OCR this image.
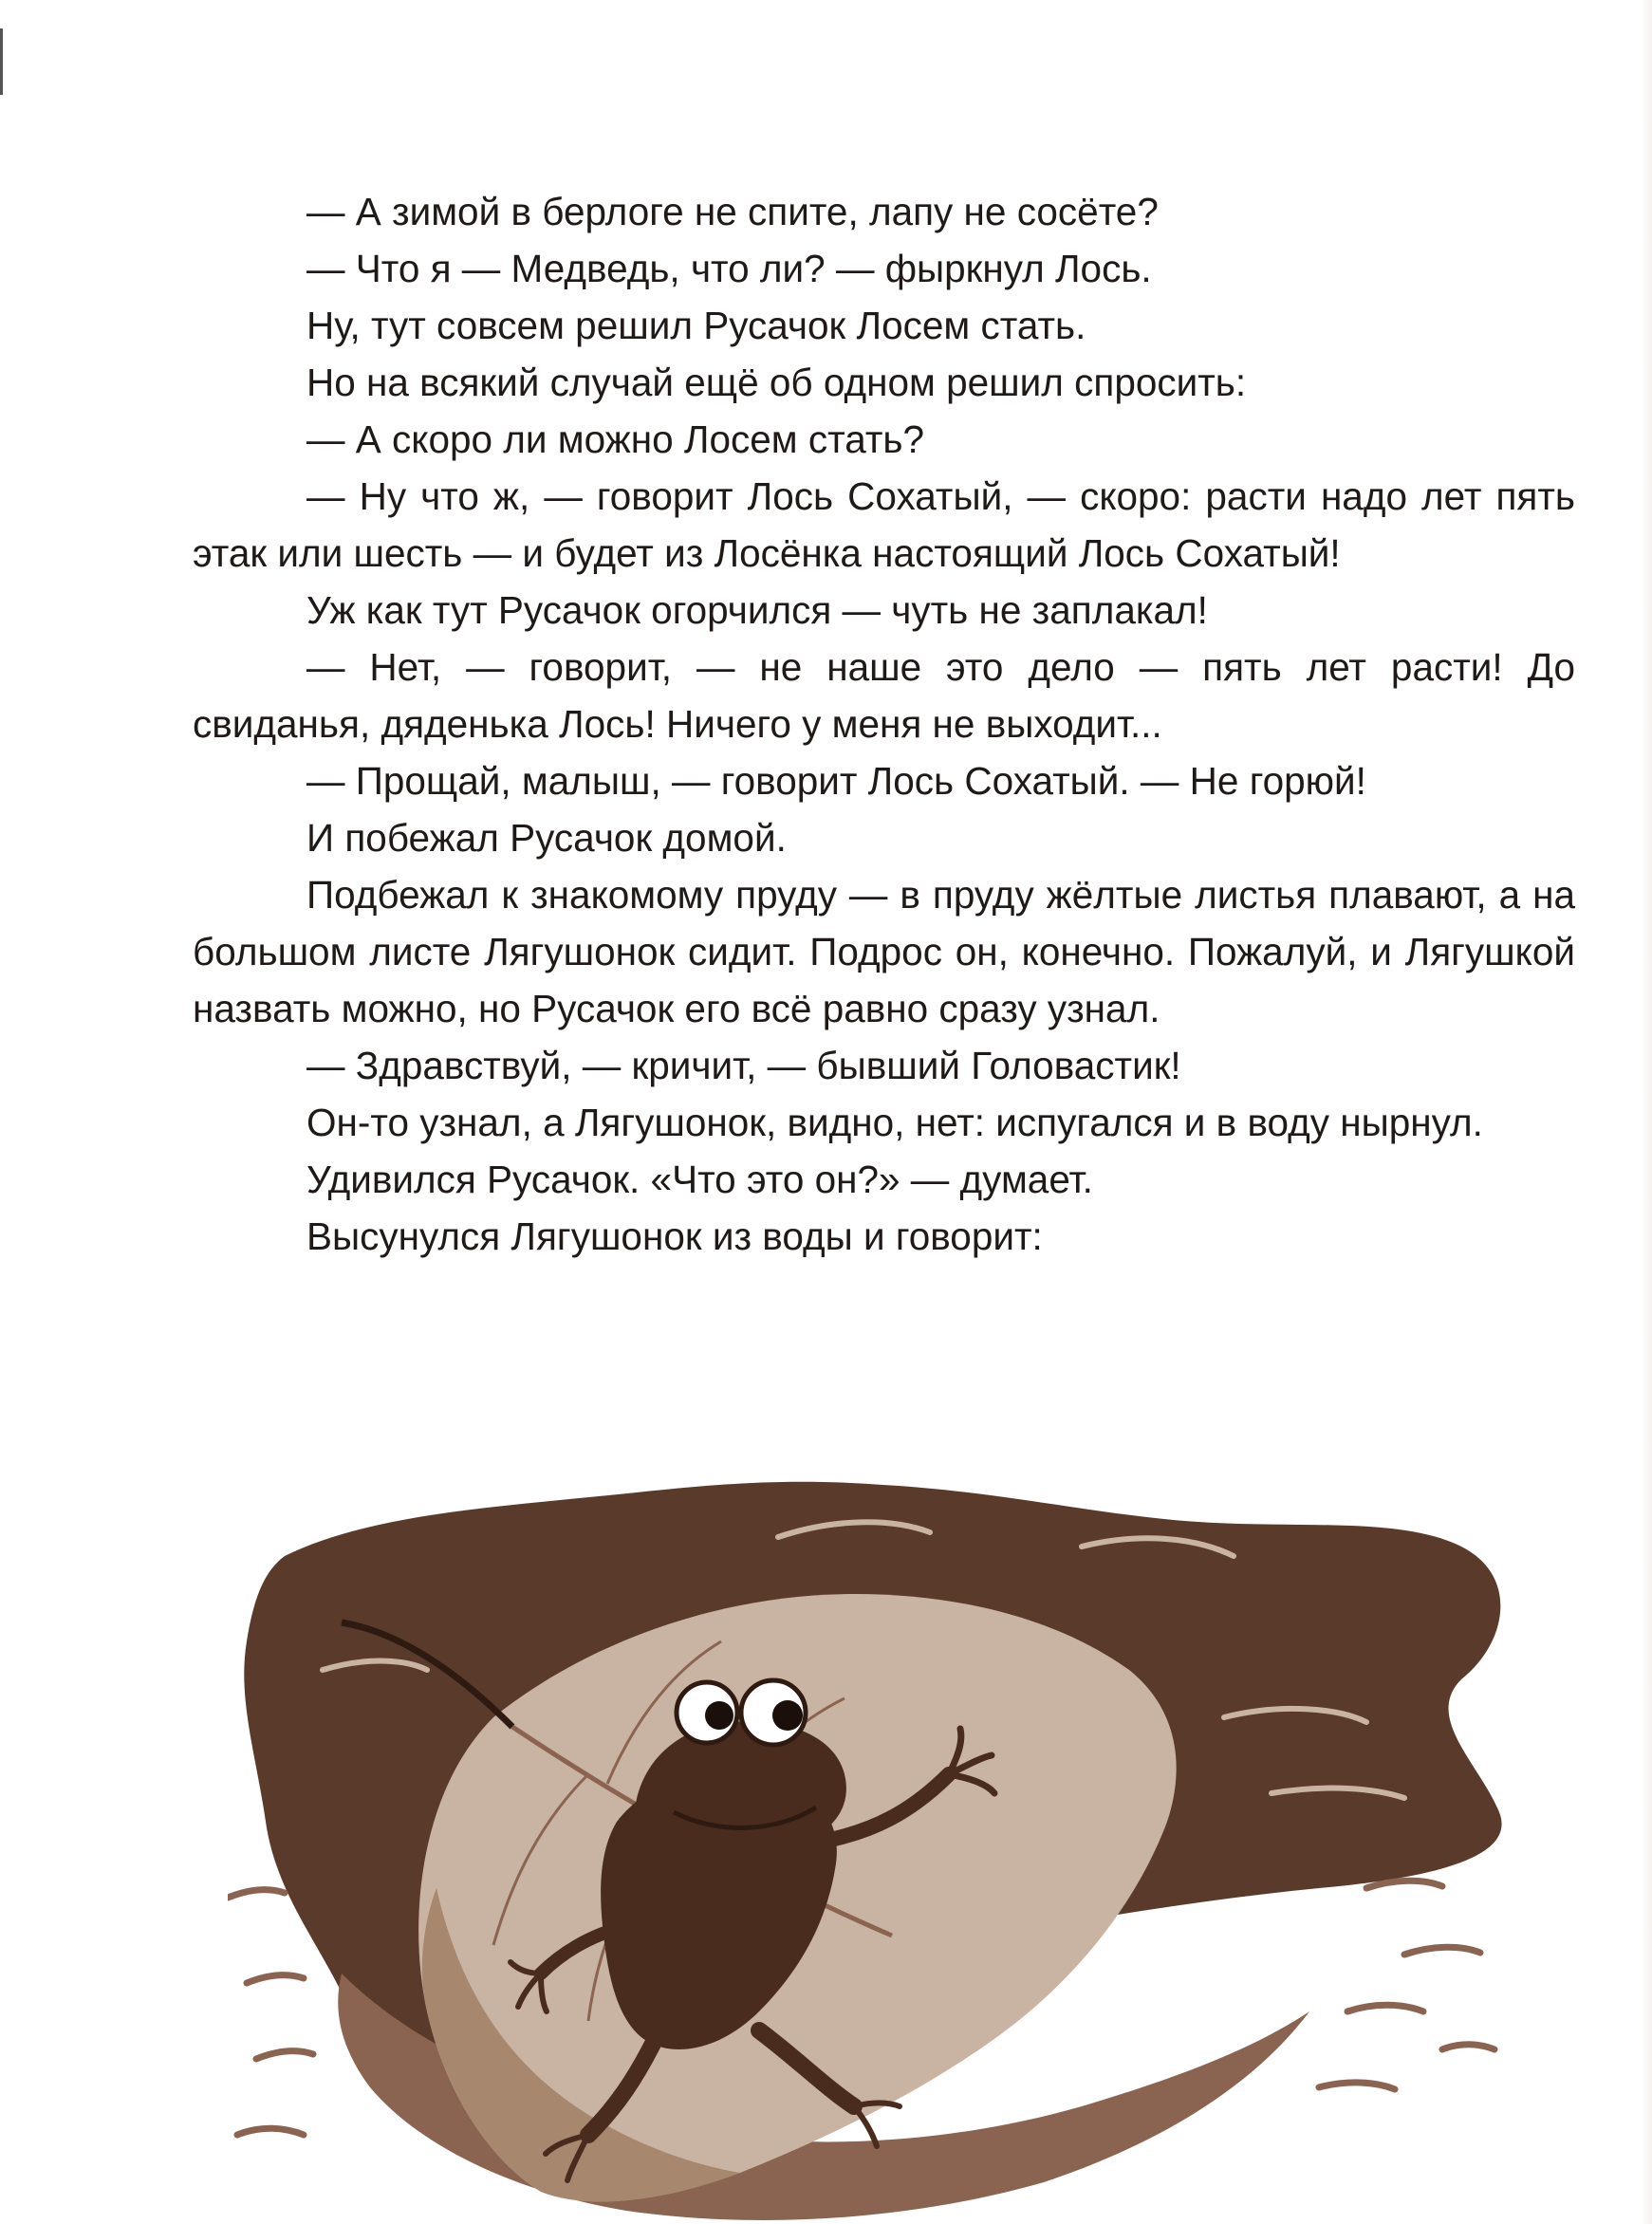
— А зимой в берлоге не спите, лапу не сосёте?

— Что я — Медведь, что ли? — фыркнул Лось.

Ну, тут совсем решил Русачок Лосем стать.

Но на всякий случай ещё об одном решил спросить:

— А скоро ли можно Лосем стать?

— Ну что ж, — говорит Лось Сохатый, — скоро: расти надо лет пять этак или шесть — и будет из Лосёнка настоящий Лось Сохатый!

Уж как тут Русачок огорчился — чуть не заплакал!

— Нет, — говорит, — не наше это дело — пять лет расти! До свиданья, дяденька Лось! Ничего у меня не выходит...

— Прощай, малыш, — говорит Лось Сохатый. — Не горюй!

И побежал Русачок домой.

Подбежал к знакомому пруду — в пруду жёлтые листья плавают, а на большом листе Лягушонок сидит. Подрос он, конечно. Пожалуй, и Лягушкой назвать можно, но Русачок его всё равно сразу узнал.

— Здравствуй, — кричит, — бывший Головастик!

Он-то узнал, а Лягушонок, видно, нет: испугался и в воду нырнул.

Удивился Русачок. «Что это он?» — думает.

Высунулся Лягушонок из воды и говорит:
